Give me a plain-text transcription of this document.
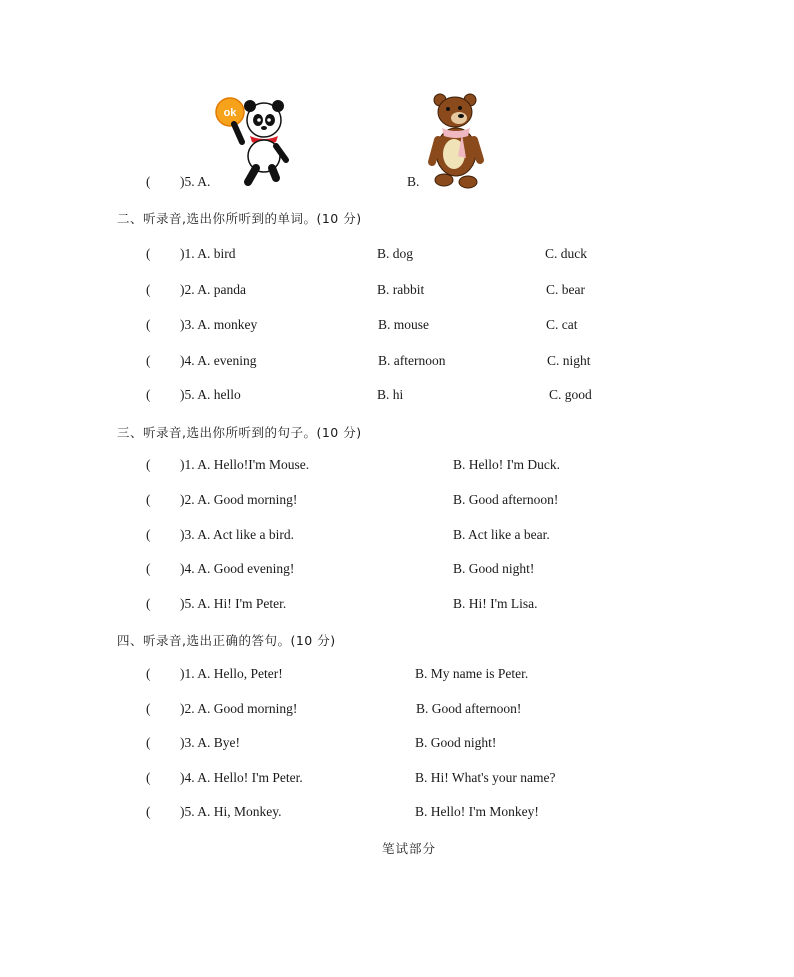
( )5. A.
ok
B.
二、听录音,选出你所听到的单词。(10 分)
( )1. A. bird	B. dog	C. duck
( )2. A. panda	B. rabbit	C. bear
( )3. A. monkey	B. mouse	C. cat
( )4. A. evening	B. afternoon	C. night
( )5. A. hello	B. hi	C. good
三、听录音,选出你所听到的句子。(10 分)
( )1. A. Hello!I'm Mouse.	B. Hello! I'm Duck.
( )2. A. Good morning!	B. Good afternoon!
( )3. A. Act like a bird.	B. Act like a bear.
( )4. A. Good evening!	B. Good night!
( )5. A. Hi! I'm Peter.	B. Hi! I'm Lisa.
四、听录音,选出正确的答句。(10 分)
( )1. A. Hello, Peter!	B. My name is Peter.
( )2. A. Good morning!	B. Good afternoon!
( )3. A. Bye!	B. Good night!
( )4. A. Hello! I'm Peter.	B. Hi! What's your name?
( )5. A. Hi, Monkey.	B. Hello! I'm Monkey!
笔试部分
